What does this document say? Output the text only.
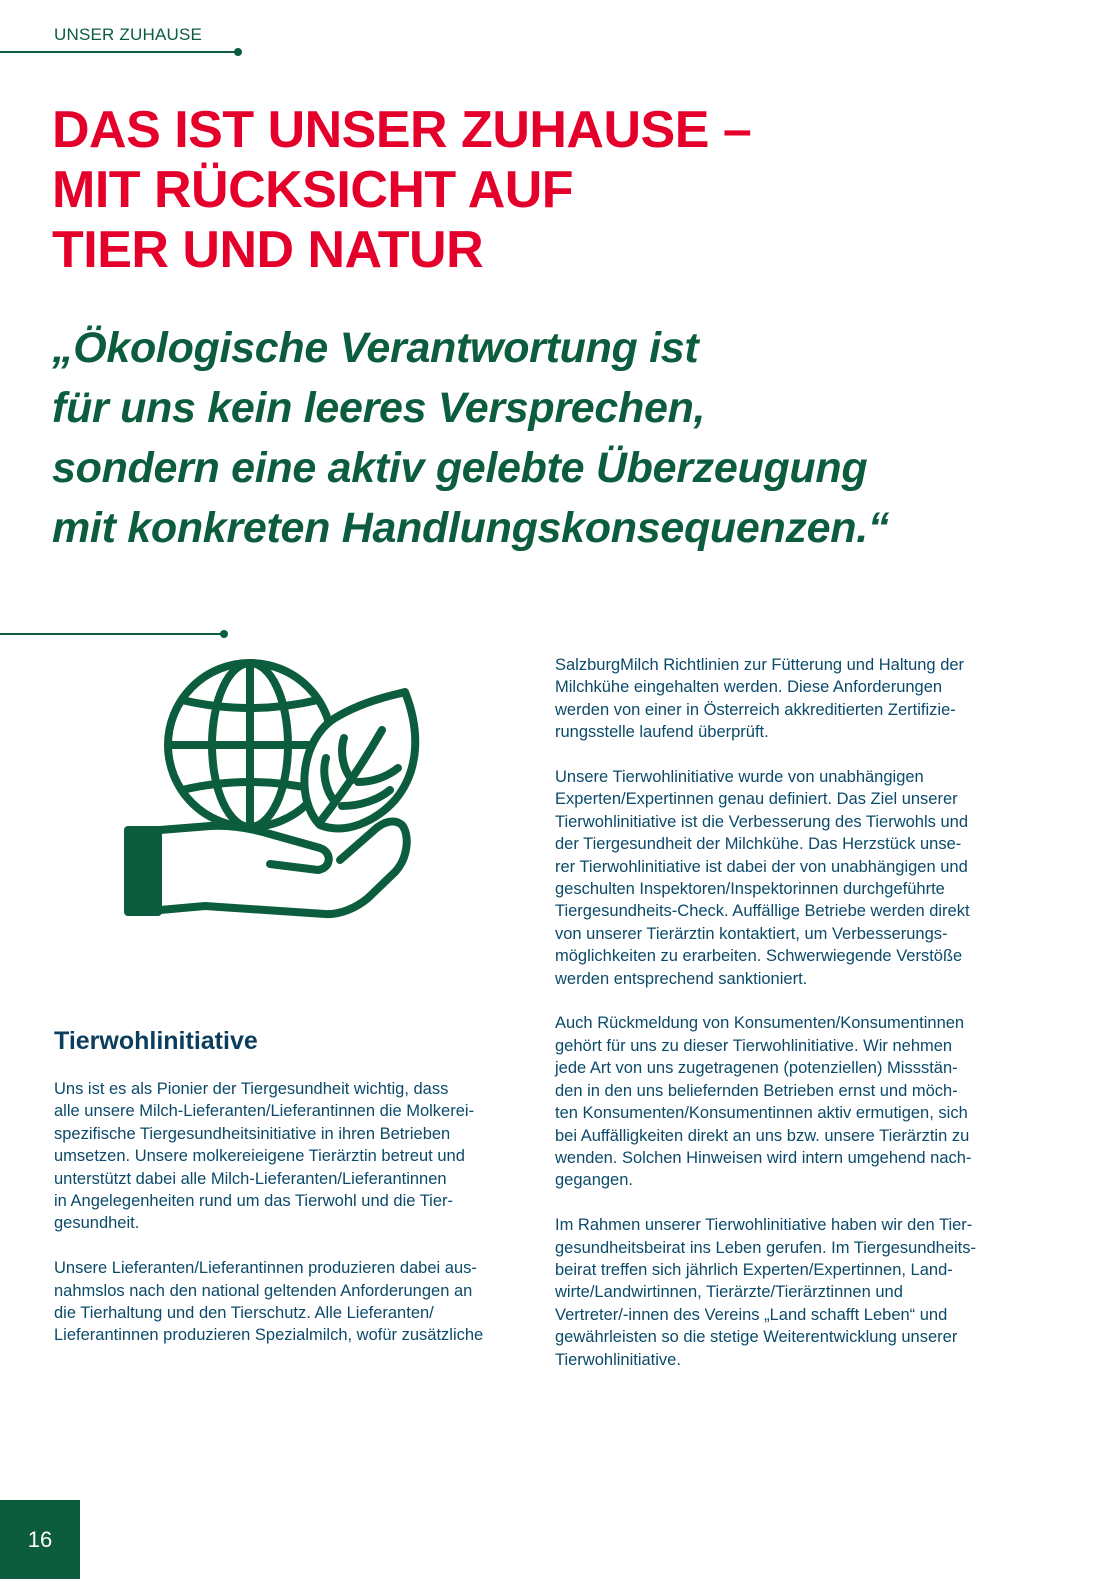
UNSER ZUHAUSE
DAS IST UNSER ZUHAUSE –
MIT RÜCKSICHT AUF
TIER UND NATUR
„Ökologische Verantwortung ist
für uns kein leeres Versprechen,
sondern eine aktiv gelebte Überzeugung
mit konkreten Handlungskonsequenzen.“
Tierwohlinitiative

Uns ist es als Pionier der Tiergesundheit wichtig, dass
alle unsere Milch-Lieferanten/Lieferantinnen die Molkerei-
spezifische Tiergesundheitsinitiative in ihren Betrieben
umsetzen. Unsere molkereieigene Tierärztin betreut und
unterstützt dabei alle Milch-Lieferanten/Lieferantinnen
in Angelegenheiten rund um das Tierwohl und die Tier-
gesundheit.

Unsere Lieferanten/Lieferantinnen produzieren dabei aus-
nahmslos nach den national geltenden Anforderungen an
die Tierhaltung und den Tierschutz. Alle Lieferanten/
Lieferantinnen produzieren Spezialmilch, wofür zusätzliche

SalzburgMilch Richtlinien zur Fütterung und Haltung der
Milchkühe eingehalten werden. Diese Anforderungen
werden von einer in Österreich akkreditierten Zertifizie-
rungsstelle laufend überprüft.

Unsere Tierwohlinitiative wurde von unabhängigen
Experten/Expertinnen genau definiert. Das Ziel unserer
Tierwohlinitiative ist die Verbesserung des Tierwohls und
der Tiergesundheit der Milchkühe. Das Herzstück unse-
rer Tierwohlinitiative ist dabei der von unabhängigen und
geschulten Inspektoren/Inspektorinnen durchgeführte
Tiergesundheits-Check. Auffällige Betriebe werden direkt
von unserer Tierärztin kontaktiert, um Verbesserungs-
möglichkeiten zu erarbeiten. Schwerwiegende Verstöße
werden entsprechend sanktioniert.

Auch Rückmeldung von Konsumenten/Konsumentinnen
gehört für uns zu dieser Tierwohlinitiative. Wir nehmen
jede Art von uns zugetragenen (potenziellen) Missstän-
den in den uns beliefernden Betrieben ernst und möch-
ten Konsumenten/Konsumentinnen aktiv ermutigen, sich
bei Auffälligkeiten direkt an uns bzw. unsere Tierärztin zu
wenden. Solchen Hinweisen wird intern umgehend nach-
gegangen.

Im Rahmen unserer Tierwohlinitiative haben wir den Tier-
gesundheitsbeirat ins Leben gerufen. Im Tiergesundheits-
beirat treffen sich jährlich Experten/Expertinnen, Land-
wirte/Landwirtinnen, Tierärzte/Tierärztinnen und
Vertreter/-innen des Vereins „Land schafft Leben“ und
gewährleisten so die stetige Weiterentwicklung unserer
Tierwohlinitiative.

16
